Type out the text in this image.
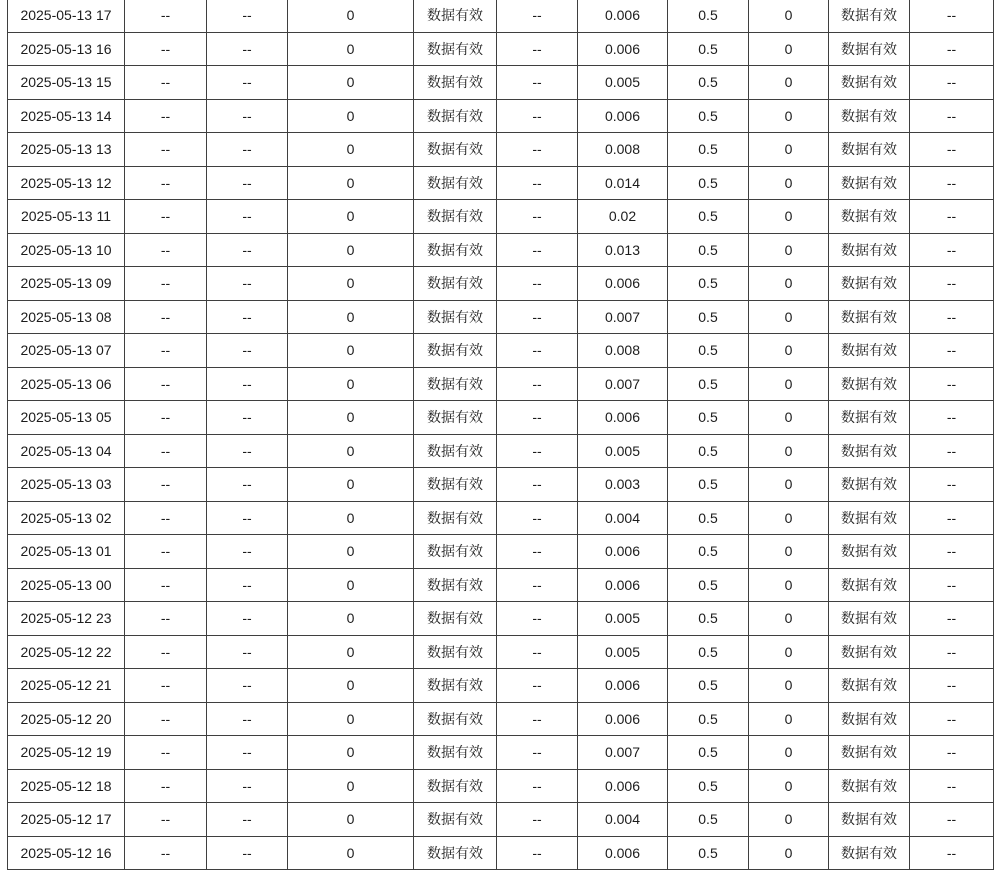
2025-05-13 17	--	--	0	数据有效	--	0.006	0.5	0	数据有效	--
2025-05-13 16	--	--	0	数据有效	--	0.006	0.5	0	数据有效	--
2025-05-13 15	--	--	0	数据有效	--	0.005	0.5	0	数据有效	--
2025-05-13 14	--	--	0	数据有效	--	0.006	0.5	0	数据有效	--
2025-05-13 13	--	--	0	数据有效	--	0.008	0.5	0	数据有效	--
2025-05-13 12	--	--	0	数据有效	--	0.014	0.5	0	数据有效	--
2025-05-13 11	--	--	0	数据有效	--	0.02	0.5	0	数据有效	--
2025-05-13 10	--	--	0	数据有效	--	0.013	0.5	0	数据有效	--
2025-05-13 09	--	--	0	数据有效	--	0.006	0.5	0	数据有效	--
2025-05-13 08	--	--	0	数据有效	--	0.007	0.5	0	数据有效	--
2025-05-13 07	--	--	0	数据有效	--	0.008	0.5	0	数据有效	--
2025-05-13 06	--	--	0	数据有效	--	0.007	0.5	0	数据有效	--
2025-05-13 05	--	--	0	数据有效	--	0.006	0.5	0	数据有效	--
2025-05-13 04	--	--	0	数据有效	--	0.005	0.5	0	数据有效	--
2025-05-13 03	--	--	0	数据有效	--	0.003	0.5	0	数据有效	--
2025-05-13 02	--	--	0	数据有效	--	0.004	0.5	0	数据有效	--
2025-05-13 01	--	--	0	数据有效	--	0.006	0.5	0	数据有效	--
2025-05-13 00	--	--	0	数据有效	--	0.006	0.5	0	数据有效	--
2025-05-12 23	--	--	0	数据有效	--	0.005	0.5	0	数据有效	--
2025-05-12 22	--	--	0	数据有效	--	0.005	0.5	0	数据有效	--
2025-05-12 21	--	--	0	数据有效	--	0.006	0.5	0	数据有效	--
2025-05-12 20	--	--	0	数据有效	--	0.006	0.5	0	数据有效	--
2025-05-12 19	--	--	0	数据有效	--	0.007	0.5	0	数据有效	--
2025-05-12 18	--	--	0	数据有效	--	0.006	0.5	0	数据有效	--
2025-05-12 17	--	--	0	数据有效	--	0.004	0.5	0	数据有效	--
2025-05-12 16	--	--	0	数据有效	--	0.006	0.5	0	数据有效	--
